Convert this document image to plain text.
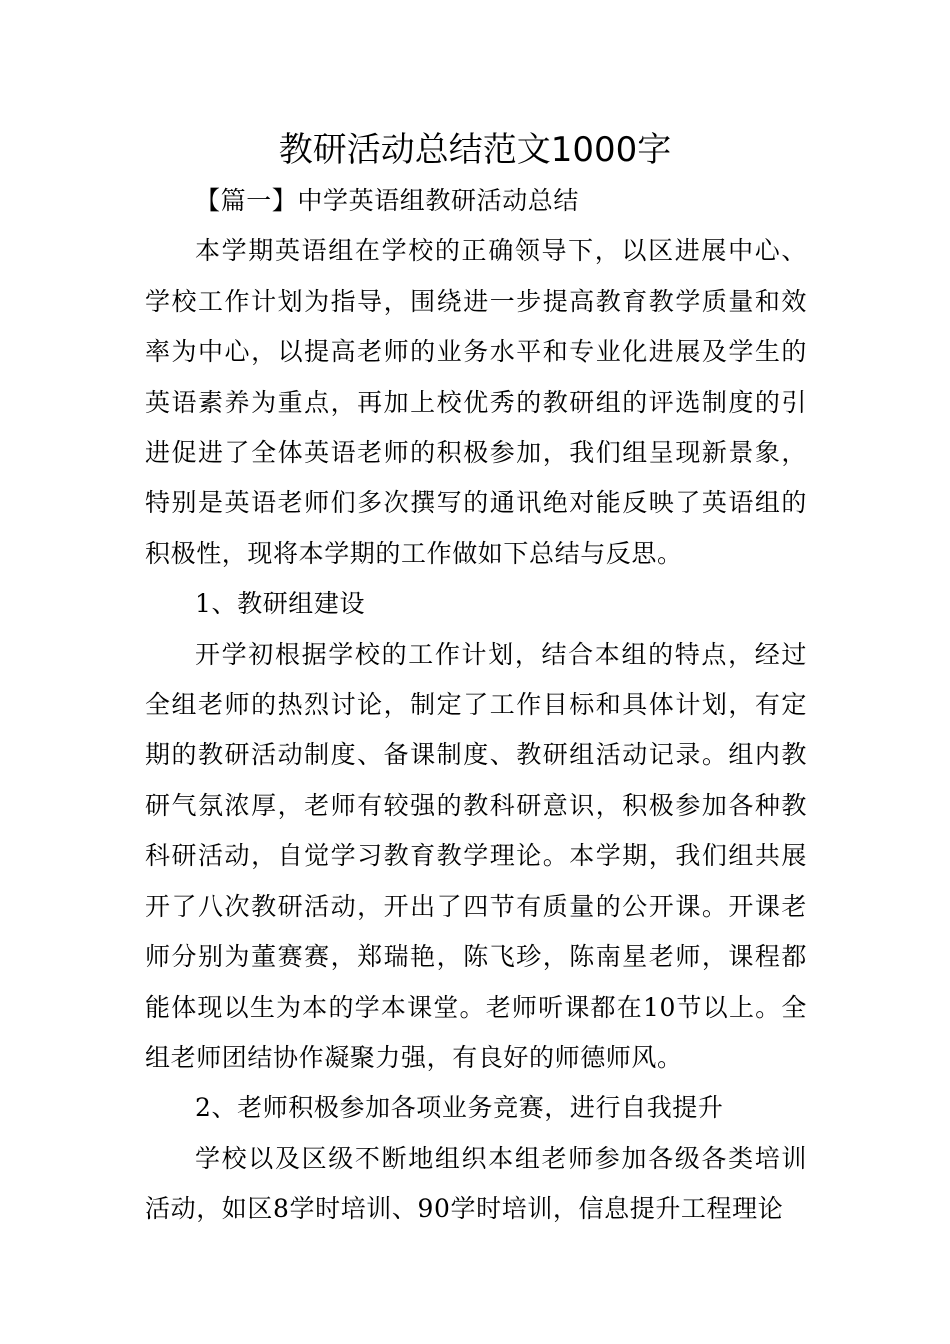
教研活动总结范文1000字

【篇一】中学英语组教研活动总结

本学期英语组在学校的正确领导下，以区进展中心、学校工作计划为指导，围绕进一步提高教育教学质量和效率为中心，以提高老师的业务水平和专业化进展及学生的英语素养为重点，再加上校优秀的教研组的评选制度的引进促进了全体英语老师的积极参加，我们组呈现新景象，特别是英语老师们多次撰写的通讯绝对能反映了英语组的积极性，现将本学期的工作做如下总结与反思。

1、教研组建设

开学初根据学校的工作计划，结合本组的特点，经过全组老师的热烈讨论，制定了工作目标和具体计划，有定期的教研活动制度、备课制度、教研组活动记录。组内教研气氛浓厚，老师有较强的教科研意识，积极参加各种教科研活动，自觉学习教育教学理论。本学期，我们组共展开了八次教研活动，开出了四节有质量的公开课。开课老师分别为董赛赛，郑瑞艳，陈飞珍，陈南星老师，课程都能体现以生为本的学本课堂。老师听课都在10节以上。全组老师团结协作凝聚力强，有良好的师德师风。

2、老师积极参加各项业务竞赛，进行自我提升

学校以及区级不断地组织本组老师参加各级各类培训活动，如区8学时培训、90学时培训，信息提升工程理论
